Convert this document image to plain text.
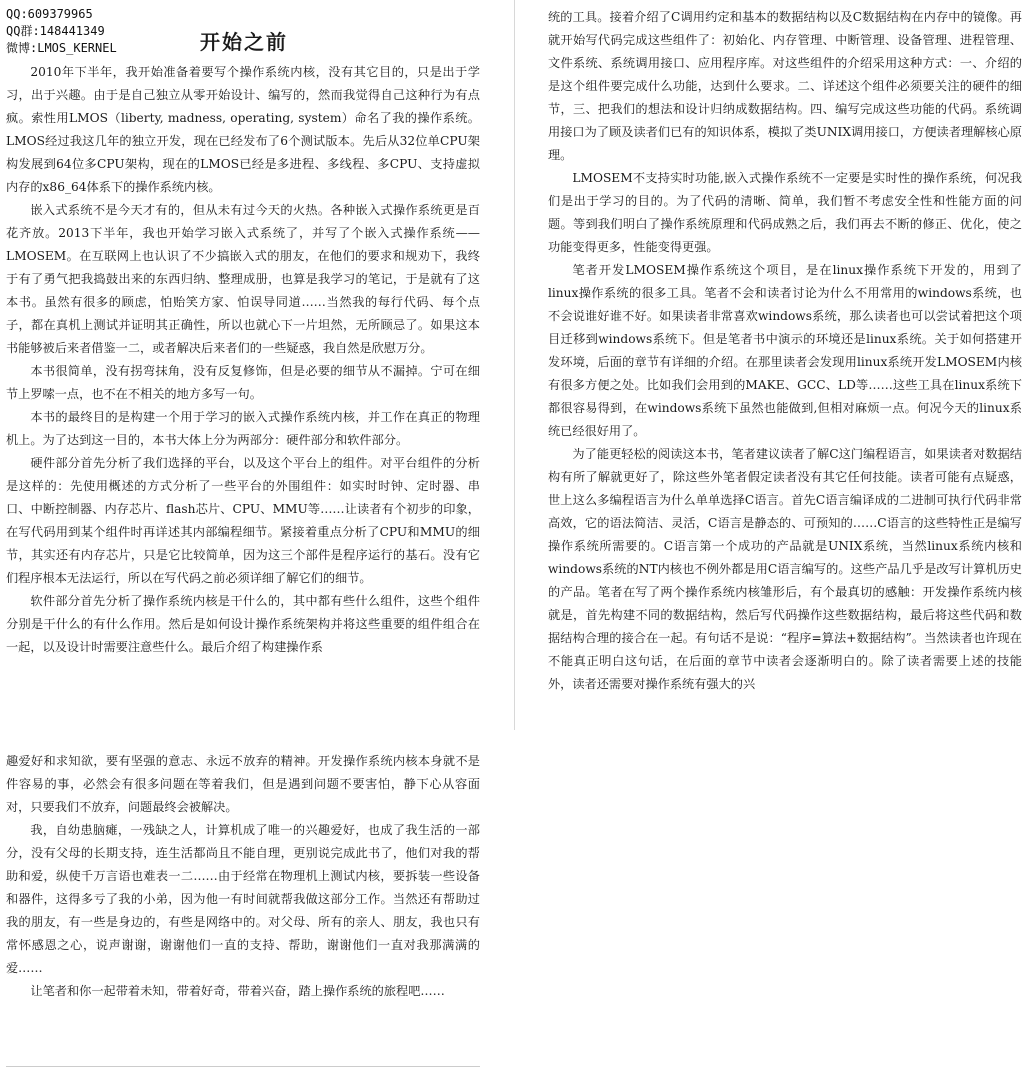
QQ:609379965
QQ群:148441349
微博:LMOS_KERNEL

2010年下半年，我开始准备着要写个操作系统内核，没有其它目的，只是出于学习，出于兴趣。由于是自己独立从零开始设计、编写的，然而我觉得自己这种行为有点疯。索性用LMOS（liberty, madness, operating, system）命名了我的操作系统。LMOS经过我这几年的独立开发，现在已经发布了6个测试版本。先后从32位单CPU架构发展到64位多CPU架构，现在的LMOS已经是多进程、多线程、多CPU、支持虚拟内存的x86_64体系下的操作系统内核。

嵌入式系统不是今天才有的，但从未有过今天的火热。各种嵌入式操作系统更是百花齐放。2013下半年，我也开始学习嵌入式系统了，并写了个嵌入式操作系统——LMOSEM。在互联网上也认识了不少搞嵌入式的朋友，在他们的要求和规劝下，我终于有了勇气把我捣鼓出来的东西归纳、整理成册，也算是我学习的笔记，于是就有了这本书。虽然有很多的顾虑，怕贻笑方家、怕误导同道……当然我的每行代码、每个点子，都在真机上测试并证明其正确性，所以也就心下一片坦然，无所顾忌了。如果这本书能够被后来者借鉴一二，或者解决后来者们的一些疑惑，我自然是欣慰万分。

本书很简单，没有拐弯抹角，没有反复修饰，但是必要的细节从不漏掉。宁可在细节上罗嗦一点，也不在不相关的地方多写一句。

本书的最终目的是构建一个用于学习的嵌入式操作系统内核，并工作在真正的物理机上。为了达到这一目的，本书大体上分为两部分：硬件部分和软件部分。

硬件部分首先分析了我们选择的平台，以及这个平台上的组件。对平台组件的分析是这样的：先使用概述的方式分析了一些平台的外围组件：如实时时钟、定时器、串口、中断控制器、内存芯片、flash芯片、CPU、MMU等……让读者有个初步的印象，在写代码用到某个组件时再详述其内部编程细节。紧接着重点分析了CPU和MMU的细节，其实还有内存芯片，只是它比较简单，因为这三个部件是程序运行的基石。没有它们程序根本无法运行，所以在写代码之前必须详细了解它们的细节。

软件部分首先分析了操作系统内核是干什么的，其中都有些什么组件，这些个组件分别是干什么的有什么作用。然后是如何设计操作系统架构并将这些重要的组件组合在一起，以及设计时需要注意些什么。最后介绍了构建操作系

开始之前

统的工具。接着介绍了C调用约定和基本的数据结构以及C数据结构在内存中的镜像。再就开始写代码完成这些组件了：初始化、内存管理、中断管理、设备管理、进程管理、文件系统、系统调用接口、应用程序库。对这些组件的介绍采用这种方式：一、介绍的是这个组件要完成什么功能，达到什么要求。二、详述这个组件必须要关注的硬件的细节，三、把我们的想法和设计归纳成数据结构。四、编写完成这些功能的代码。系统调用接口为了顾及读者们已有的知识体系，模拟了类UNIX调用接口，方便读者理解核心原理。

LMOSEM不支持实时功能,嵌入式操作系统不一定要是实时性的操作系统，何况我们是出于学习的目的。为了代码的清晰、简单，我们暂不考虑安全性和性能方面的问题。等到我们明白了操作系统原理和代码成熟之后，我们再去不断的修正、优化，使之功能变得更多，性能变得更强。

笔者开发LMOSEM操作系统这个项目，是在linux操作系统下开发的，用到了linux操作系统的很多工具。笔者不会和读者讨论为什么不用常用的windows系统，也不会说谁好谁不好。如果读者非常喜欢windows系统，那么读者也可以尝试着把这个项目迁移到windows系统下。但是笔者书中演示的环境还是linux系统。关于如何搭建开发环境，后面的章节有详细的介绍。在那里读者会发现用linux系统开发LMOSEM内核有很多方便之处。比如我们会用到的MAKE、GCC、LD等……这些工具在linux系统下都很容易得到，在windows系统下虽然也能做到,但相对麻烦一点。何况今天的linux系统已经很好用了。

为了能更轻松的阅读这本书，笔者建议读者了解C这门编程语言，如果读者对数据结构有所了解就更好了，除这些外笔者假定读者没有其它任何技能。读者可能有点疑惑，世上这么多编程语言为什么单单选择C语言。首先C语言编译成的二进制可执行代码非常高效，它的语法简洁、灵活，C语言是静态的、可预知的……C语言的这些特性正是编写操作系统所需要的。C语言第一个成功的产品就是UNIX系统，当然linux系统内核和windows系统的NT内核也不例外都是用C语言编写的。这些产品几乎是改写计算机历史的产品。笔者在写了两个操作系统内核雏形后，有个最真切的感触：开发操作系统内核就是，首先构建不同的数据结构，然后写代码操作这些数据结构，最后将这些代码和数据结构合理的接合在一起。有句话不是说：“程序=算法+数据结构”。当然读者也许现在不能真正明白这句话，在后面的章节中读者会逐渐明白的。除了读者需要上述的技能外，读者还需要对操作系统有强大的兴

趣爱好和求知欲，要有坚强的意志、永远不放弃的精神。开发操作系统内核本身就不是件容易的事，必然会有很多问题在等着我们，但是遇到问题不要害怕，静下心从容面对，只要我们不放弃，问题最终会被解决。

我，自幼患脑瘫，一残缺之人，计算机成了唯一的兴趣爱好，也成了我生活的一部分，没有父母的长期支持，连生活都尚且不能自理，更别说完成此书了，他们对我的帮助和爱，纵使千万言语也难表一二……由于经常在物理机上测试内核，要拆装一些设备和器件，这得多亏了我的小弟，因为他一有时间就帮我做这部分工作。当然还有帮助过我的朋友，有一些是身边的，有些是网络中的。对父母、所有的亲人、朋友，我也只有常怀感恩之心，说声谢谢，谢谢他们一直的支持、帮助，谢谢他们一直对我那满满的爱……

让笔者和你一起带着未知，带着好奇，带着兴奋，踏上操作系统的旅程吧……
